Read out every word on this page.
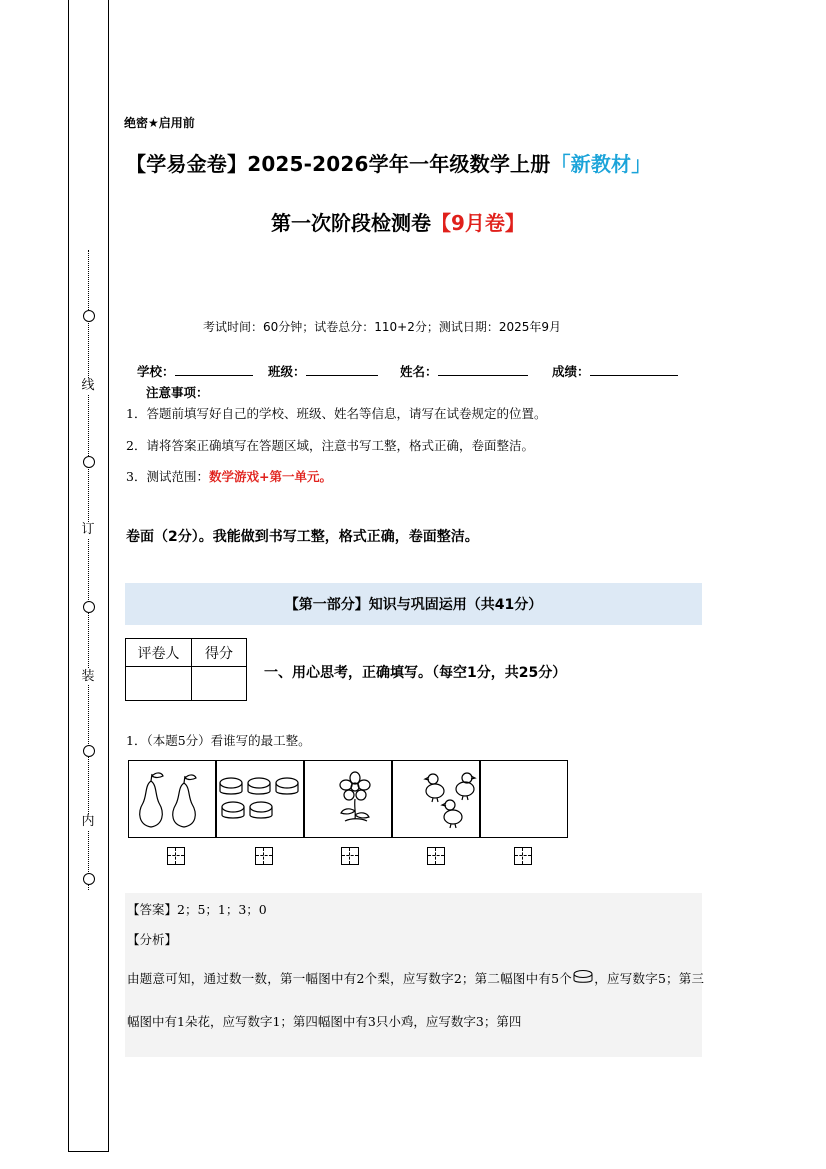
线
订
装
内
绝密★启用前
【学易金卷】2025-2026学年一年级数学上册「新教材」
第一次阶段检测卷【9月卷】
考试时间：60分钟；试卷总分：110+2分；测试日期：2025年9月
学校：	班级：	姓名：	成绩：
注意事项：
1．答题前填写好自己的学校、班级、姓名等信息，请写在试卷规定的位置。
2．请将答案正确填写在答题区域，注意书写工整，格式正确，卷面整洁。
3．测试范围：数学游戏+第一单元。
卷面（2分）。我能做到书写工整，格式正确，卷面整洁。
【第一部分】知识与巩固运用（共41分）
评卷人	得分

一、用心思考，正确填写。（每空1分，共25分）
1．（本题5分）看谁写的最工整。
【答案】2；5；1；3；0
【分析】
由题意可知，通过数一数，第一幅图中有2个梨，应写数字2；第二幅图中有5个 ，应写数字5；第三幅图中有1朵花，应写数字1；第四幅图中有3只小鸡，应写数字3；第四
